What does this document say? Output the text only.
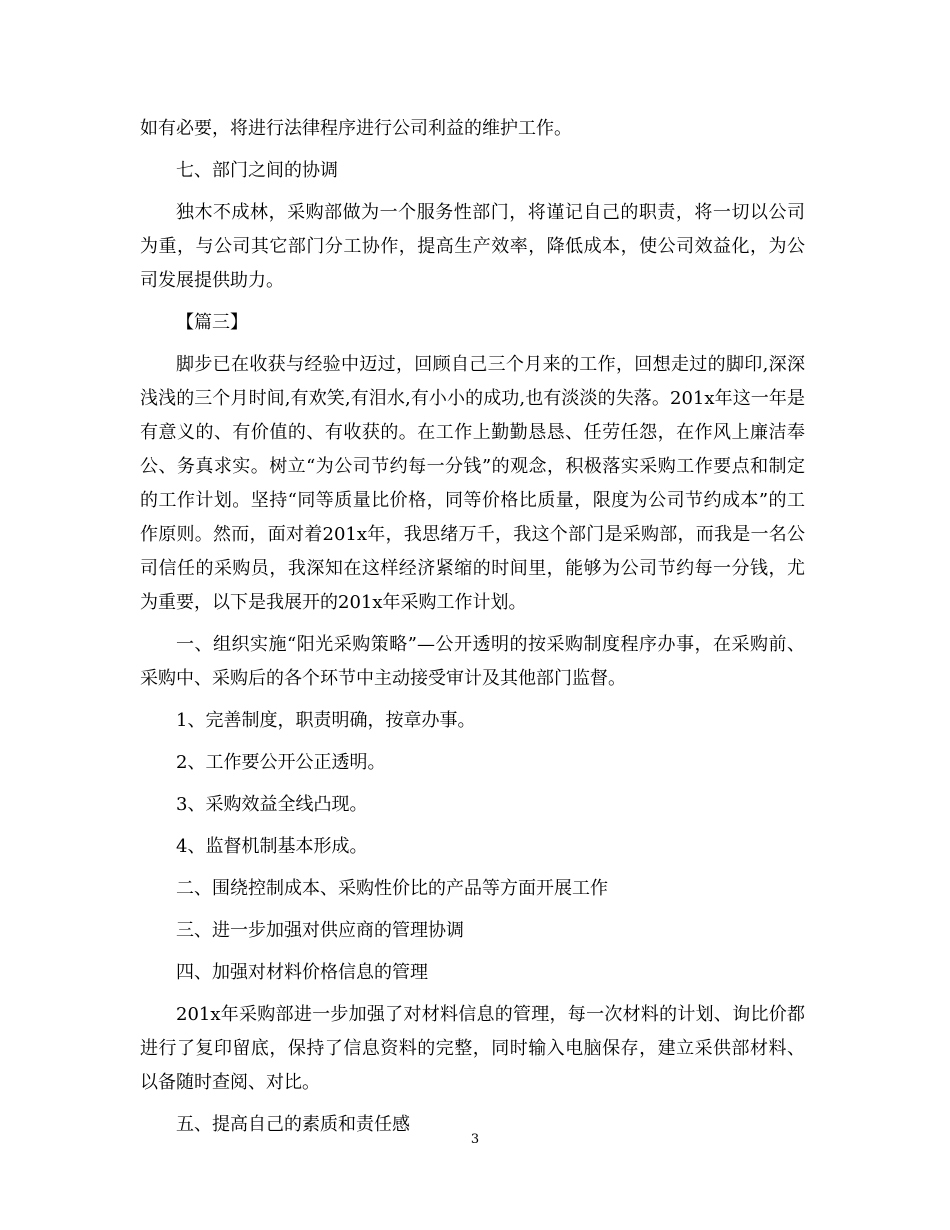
如有必要，将进行法律程序进行公司利益的维护工作。

七、部门之间的协调

独木不成林，采购部做为一个服务性部门，将谨记自己的职责，将一切以公司为重，与公司其它部门分工协作，提高生产效率，降低成本，使公司效益化，为公司发展提供助力。

【篇三】

脚步已在收获与经验中迈过，回顾自己三个月来的工作，回想走过的脚印,深深浅浅的三个月时间,有欢笑,有泪水,有小小的成功,也有淡淡的失落。201x年这一年是有意义的、有价值的、有收获的。在工作上勤勤恳恳、任劳任怨，在作风上廉洁奉公、务真求实。树立“为公司节约每一分钱”的观念，积极落实采购工作要点和制定的工作计划。坚持“同等质量比价格，同等价格比质量，限度为公司节约成本”的工作原则。然而，面对着201x年，我思绪万千，我这个部门是采购部，而我是一名公司信任的采购员，我深知在这样经济紧缩的时间里，能够为公司节约每一分钱，尤为重要，以下是我展开的201x年采购工作计划。

一、组织实施“阳光采购策略”—公开透明的按采购制度程序办事，在采购前、采购中、采购后的各个环节中主动接受审计及其他部门监督。

1、完善制度，职责明确，按章办事。

2、工作要公开公正透明。

3、采购效益全线凸现。

4、监督机制基本形成。

二、围绕控制成本、采购性价比的产品等方面开展工作

三、进一步加强对供应商的管理协调

四、加强对材料价格信息的管理

201x年采购部进一步加强了对材料信息的管理，每一次材料的计划、询比价都进行了复印留底，保持了信息资料的完整，同时输入电脑保存，建立采供部材料、以备随时查阅、对比。

五、提高自己的素质和责任感

3
